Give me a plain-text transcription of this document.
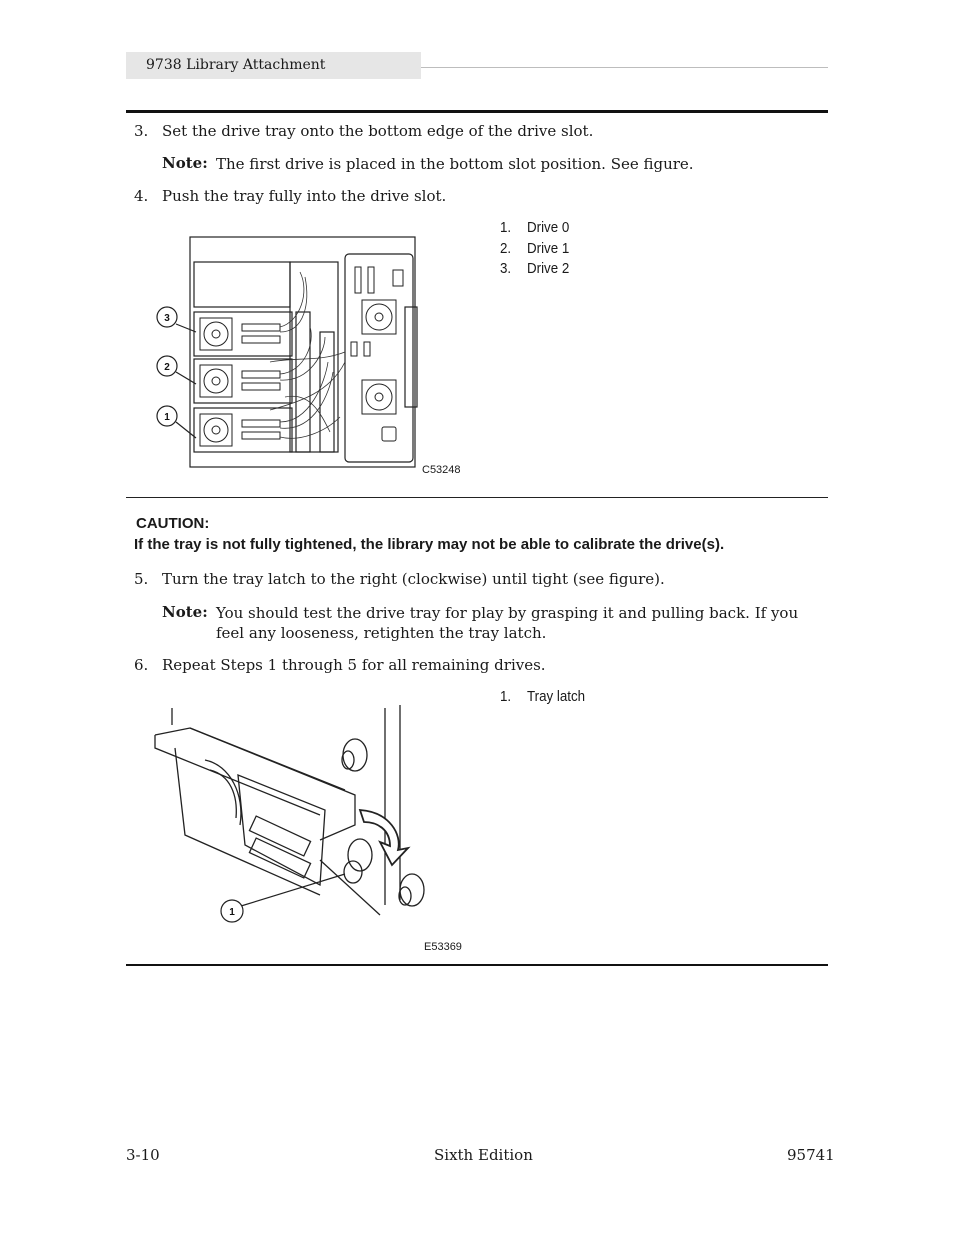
9738 Library Attachment
3. Set the drive tray onto the bottom edge of the drive slot.
Note: The first drive is placed in the bottom slot position. See figure.
4. Push the tray fully into the drive slot.
3
2
1
C53248
1. Drive 0
2. Drive 1
3. Drive 2
CAUTION:
If the tray is not fully tightened, the library may not be able to calibrate the drive(s).
5. Turn the tray latch to the right (clockwise) until tight (see figure).
Note: You should test the drive tray for play by grasping it and pulling back. If you feel any looseness, retighten the tray latch.
6. Repeat Steps 1 through 5 for all remaining drives.
1
E53369
1. Tray latch
3-10	Sixth Edition	95741
